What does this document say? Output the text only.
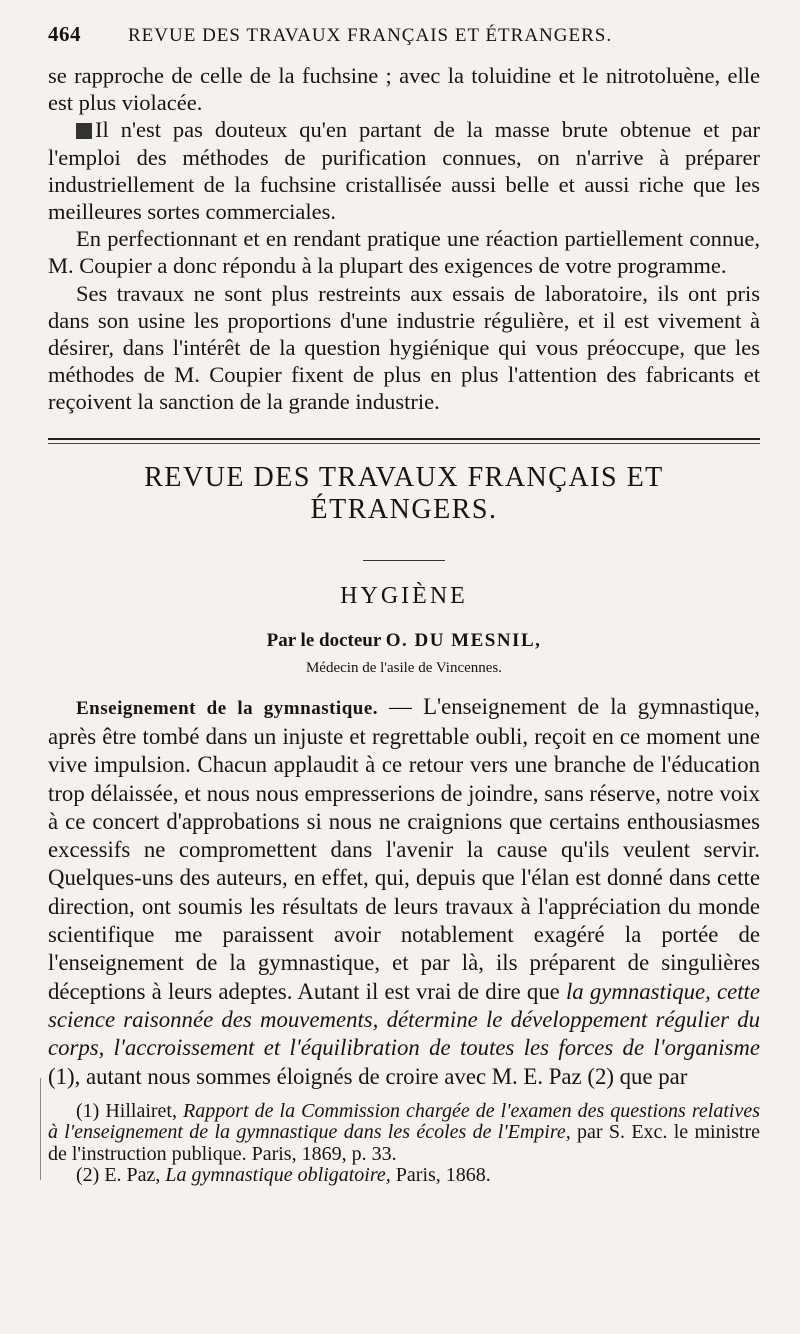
464	REVUE DES TRAVAUX FRANÇAIS ET ÉTRANGERS.

se rapproche de celle de la fuchsine ; avec la toluidine et le nitrotoluène, elle est plus violacée.

Il n'est pas douteux qu'en partant de la masse brute obtenue et par l'emploi des méthodes de purification connues, on n'arrive à préparer industriellement de la fuchsine cristallisée aussi belle et aussi riche que les meilleures sortes commerciales.

En perfectionnant et en rendant pratique une réaction partiellement connue, M. Coupier a donc répondu à la plupart des exigences de votre programme.

Ses travaux ne sont plus restreints aux essais de laboratoire, ils ont pris dans son usine les proportions d'une industrie régulière, et il est vivement à désirer, dans l'intérêt de la question hygiénique qui vous préoccupe, que les méthodes de M. Coupier fixent de plus en plus l'attention des fabricants et reçoivent la sanction de la grande industrie.

REVUE DES TRAVAUX FRANÇAIS ET ÉTRANGERS.
HYGIÈNE
Par le docteur O. DU MESNIL,
Médecin de l'asile de Vincennes.

Enseignement de la gymnastique. — L'enseignement de la gymnastique, après être tombé dans un injuste et regrettable oubli, reçoit en ce moment une vive impulsion. Chacun applaudit à ce retour vers une branche de l'éducation trop délaissée, et nous nous empresserions de joindre, sans réserve, notre voix à ce concert d'approbations si nous ne craignions que certains enthousiasmes excessifs ne compromettent dans l'avenir la cause qu'ils veulent servir. Quelques-uns des auteurs, en effet, qui, depuis que l'élan est donné dans cette direction, ont soumis les résultats de leurs travaux à l'appréciation du monde scientifique me paraissent avoir notablement exagéré la portée de l'enseignement de la gymnastique, et par là, ils préparent de singulières déceptions à leurs adeptes. Autant il est vrai de dire que la gymnastique, cette science raisonnée des mouvements, détermine le développement régulier du corps, l'accroissement et l'équilibration de toutes les forces de l'organisme (1), autant nous sommes éloignés de croire avec M. E. Paz (2) que par

(1) Hillairet, Rapport de la Commission chargée de l'examen des questions relatives à l'enseignement de la gymnastique dans les écoles de l'Empire, par S. Exc. le ministre de l'instruction publique. Paris, 1869, p. 33.

(2) E. Paz, La gymnastique obligatoire, Paris, 1868.
